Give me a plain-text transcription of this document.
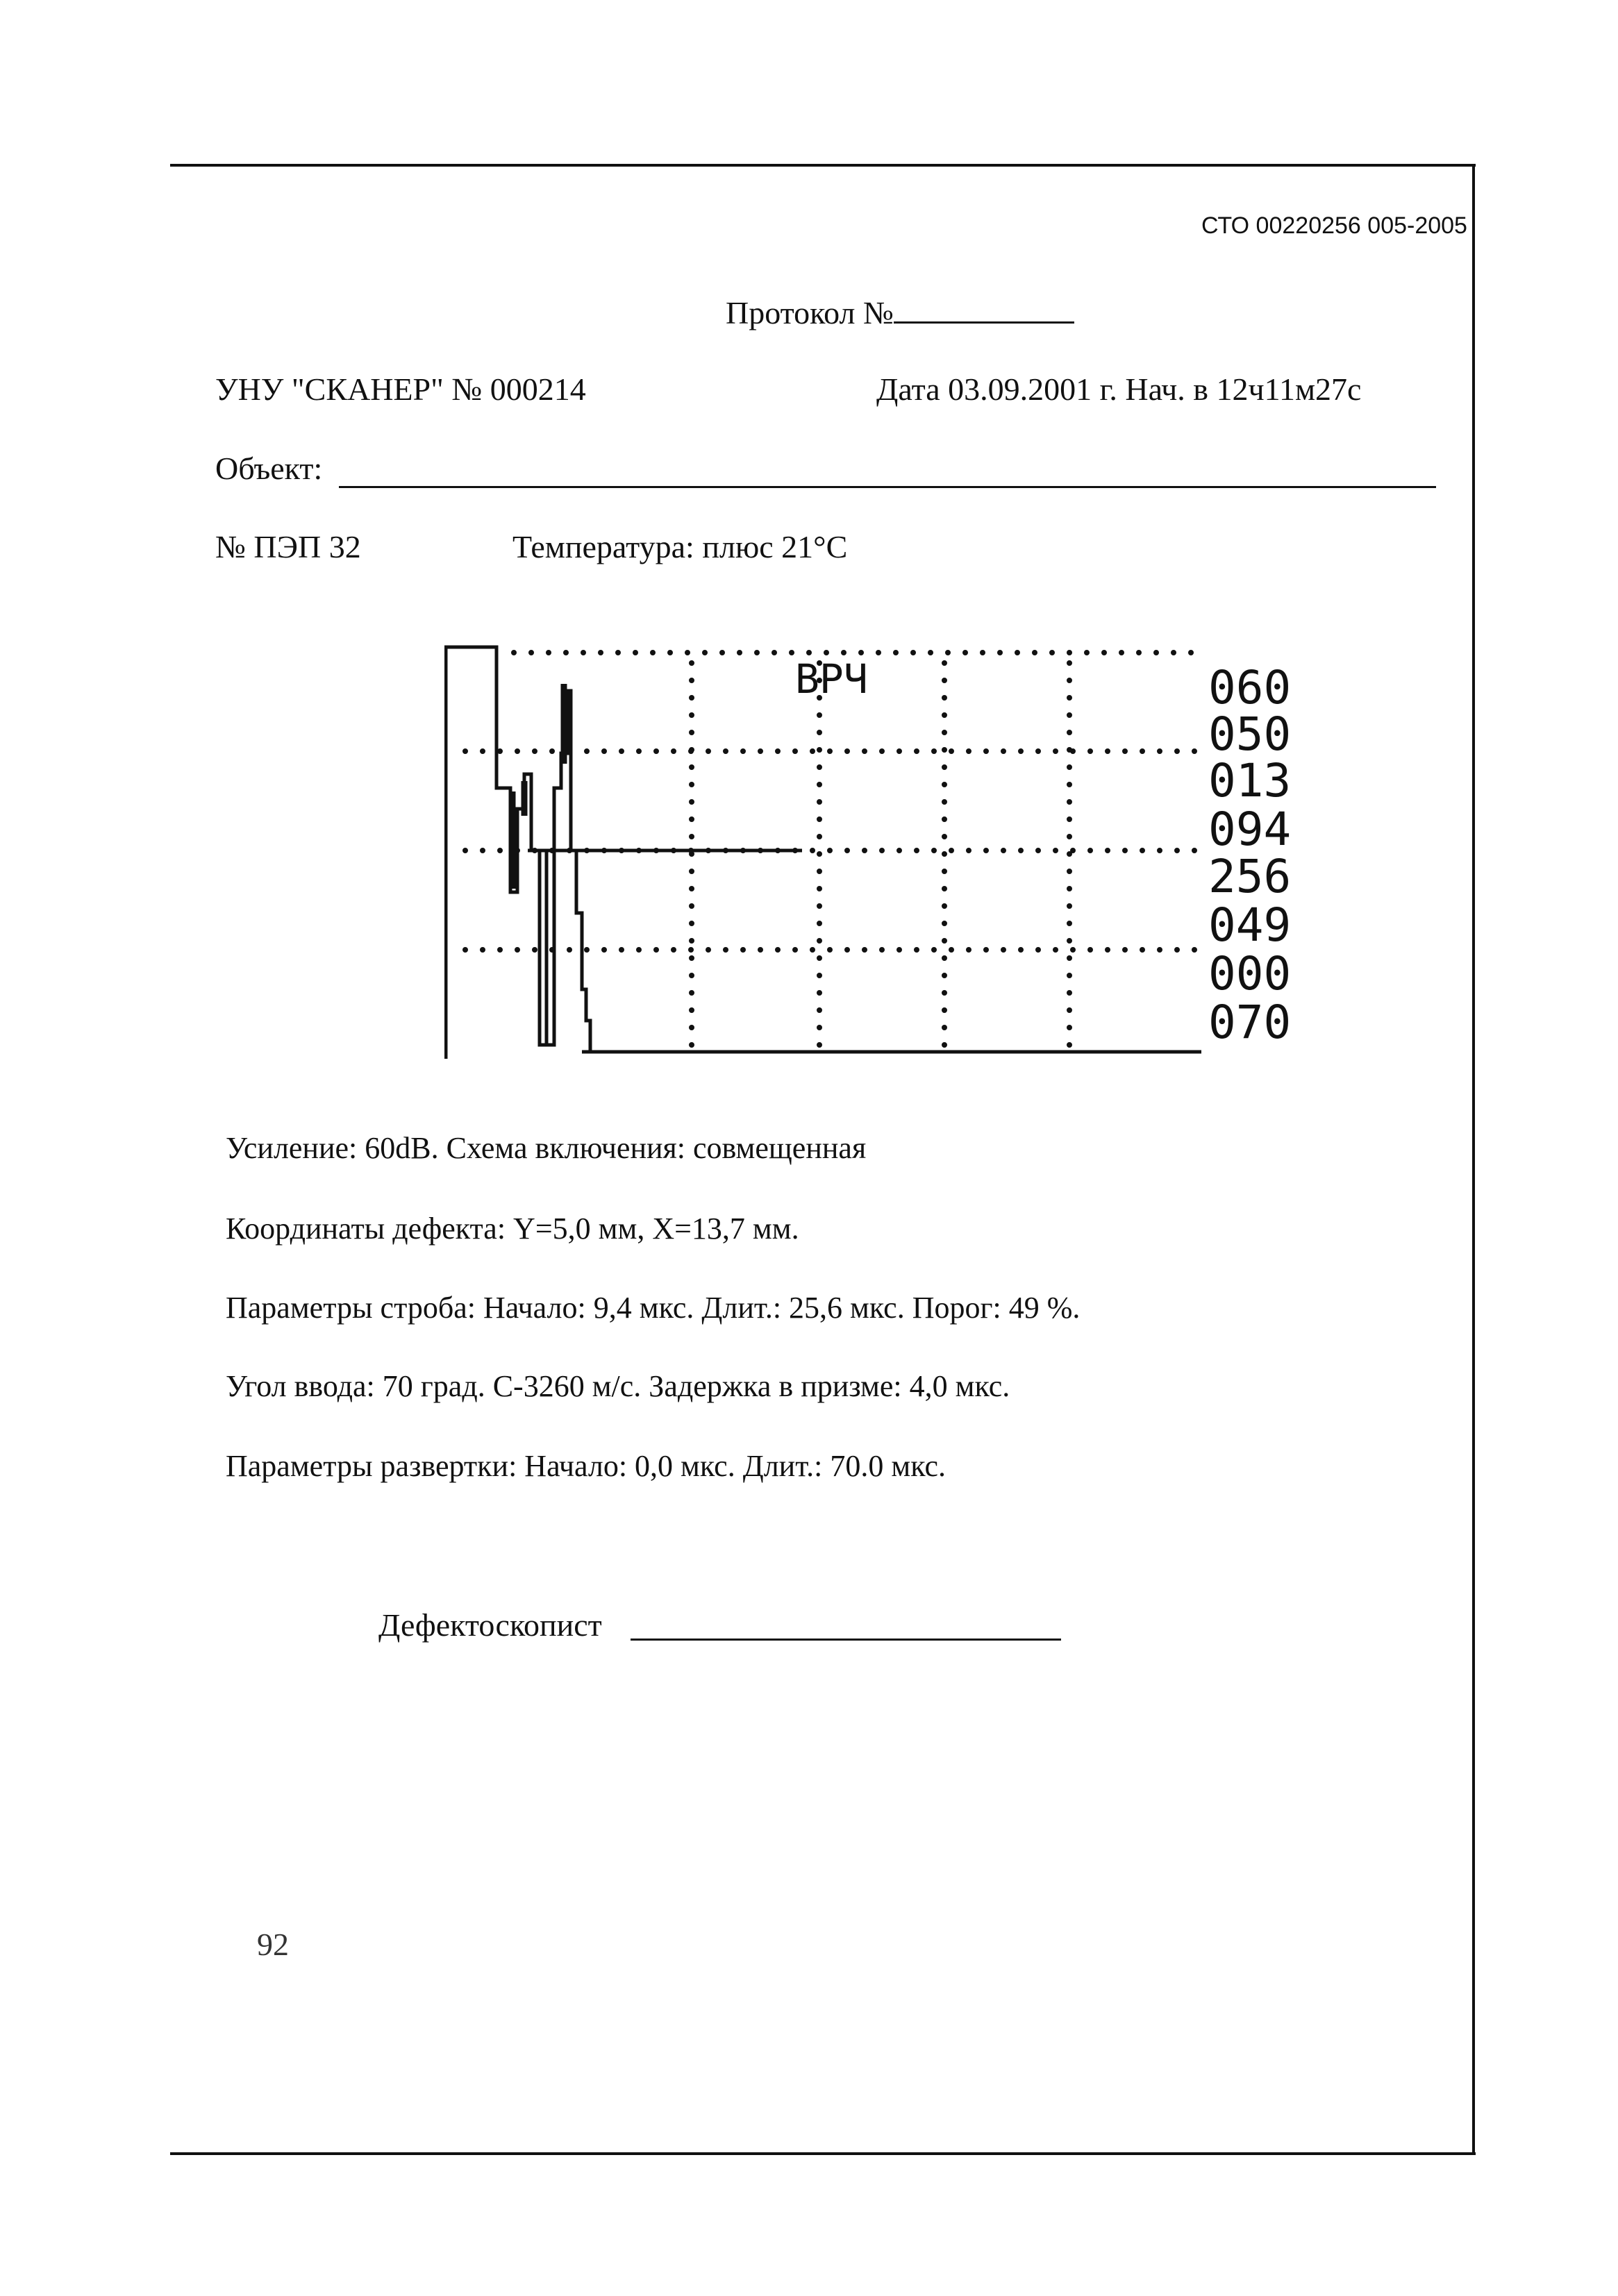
СТО 00220256 005-2005
Протокол №
УНУ "СКАНЕР" № 000214	Дата 03.09.2001 г. Нач. в 12ч11м27с
Объект:
№ ПЭП 32	Температура: плюс 21°C
ВРЧ	060
050
013
094
256
049
000
070
Усиление: 60dB. Схема включения: совмещенная
Координаты дефекта: Y=5,0 мм, X=13,7 мм.
Параметры строба: Начало: 9,4 мкс. Длит.: 25,6 мкс. Порог: 49 %.
Угол ввода: 70 град. С-3260 м/с. Задержка в призме: 4,0 мкс.
Параметры развертки: Начало: 0,0 мкс. Длит.: 70.0 мкс.
Дефектоскопист
92
